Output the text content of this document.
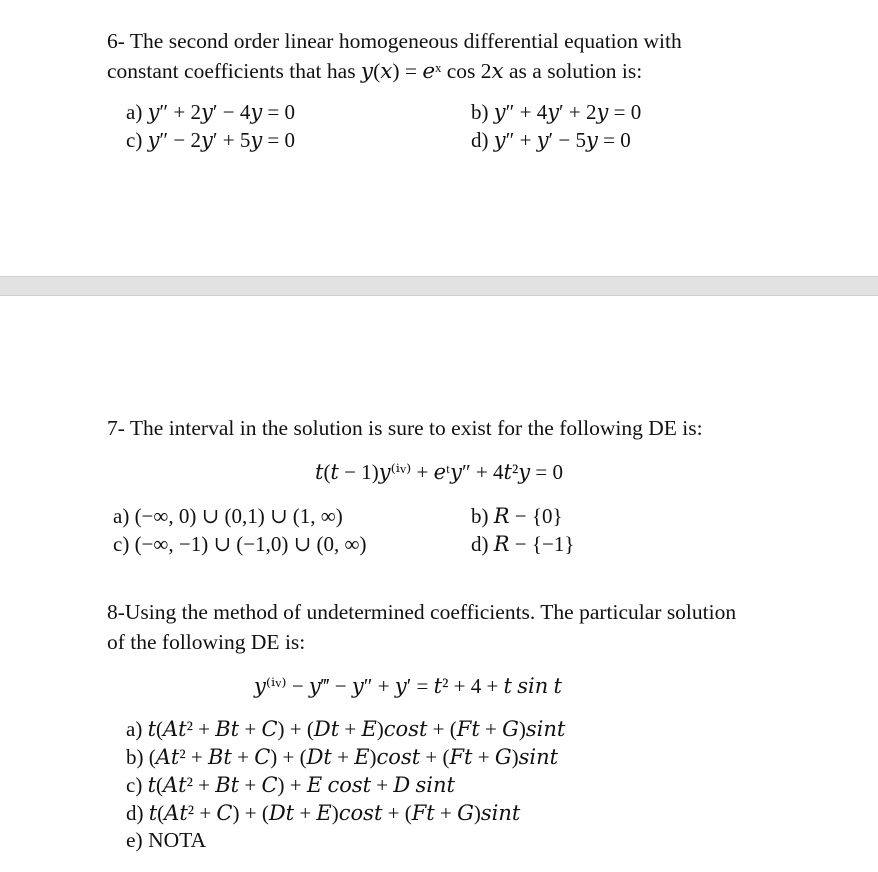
6- The second order linear homogeneous differential equation with
constant coefficients that has 𝑦(𝑥) = 𝑒ˣ cos 2𝑥 as a solution is:
a) 𝑦″ + 2𝑦′ − 4𝑦 = 0	b) 𝑦″ + 4𝑦′ + 2𝑦 = 0
c) 𝑦″ − 2𝑦′ + 5𝑦 = 0	d) 𝑦″ + 𝑦′ − 5𝑦 = 0
7- The interval in the solution is sure to exist for the following DE is:
𝑡(𝑡 − 1)𝑦⁽ⁱᵛ⁾ + 𝑒ᵗ𝑦″ + 4𝑡²𝑦 = 0
a) (−∞, 0) ∪ (0,1) ∪ (1, ∞)	b) 𝑅 − {0}
c) (−∞, −1) ∪ (−1,0) ∪ (0, ∞)	d) 𝑅 − {−1}
8-Using the method of undetermined coefficients. The particular solution
of the following DE is:
𝑦⁽ⁱᵛ⁾ − 𝑦‴ − 𝑦″ + 𝑦′ = 𝑡² + 4 + 𝑡 𝑠𝑖𝑛 𝑡
a) 𝑡(𝐴𝑡² + 𝐵𝑡 + 𝐶) + (𝐷𝑡 + 𝐸)𝑐𝑜𝑠𝑡 + (𝐹𝑡 + 𝐺)𝑠𝑖𝑛𝑡
b) (𝐴𝑡² + 𝐵𝑡 + 𝐶) + (𝐷𝑡 + 𝐸)𝑐𝑜𝑠𝑡 + (𝐹𝑡 + 𝐺)𝑠𝑖𝑛𝑡
c) 𝑡(𝐴𝑡² + 𝐵𝑡 + 𝐶) + 𝐸 𝑐𝑜𝑠𝑡 + 𝐷 𝑠𝑖𝑛𝑡
d) 𝑡(𝐴𝑡² + 𝐶) + (𝐷𝑡 + 𝐸)𝑐𝑜𝑠𝑡 + (𝐹𝑡 + 𝐺)𝑠𝑖𝑛𝑡
e) NOTA
